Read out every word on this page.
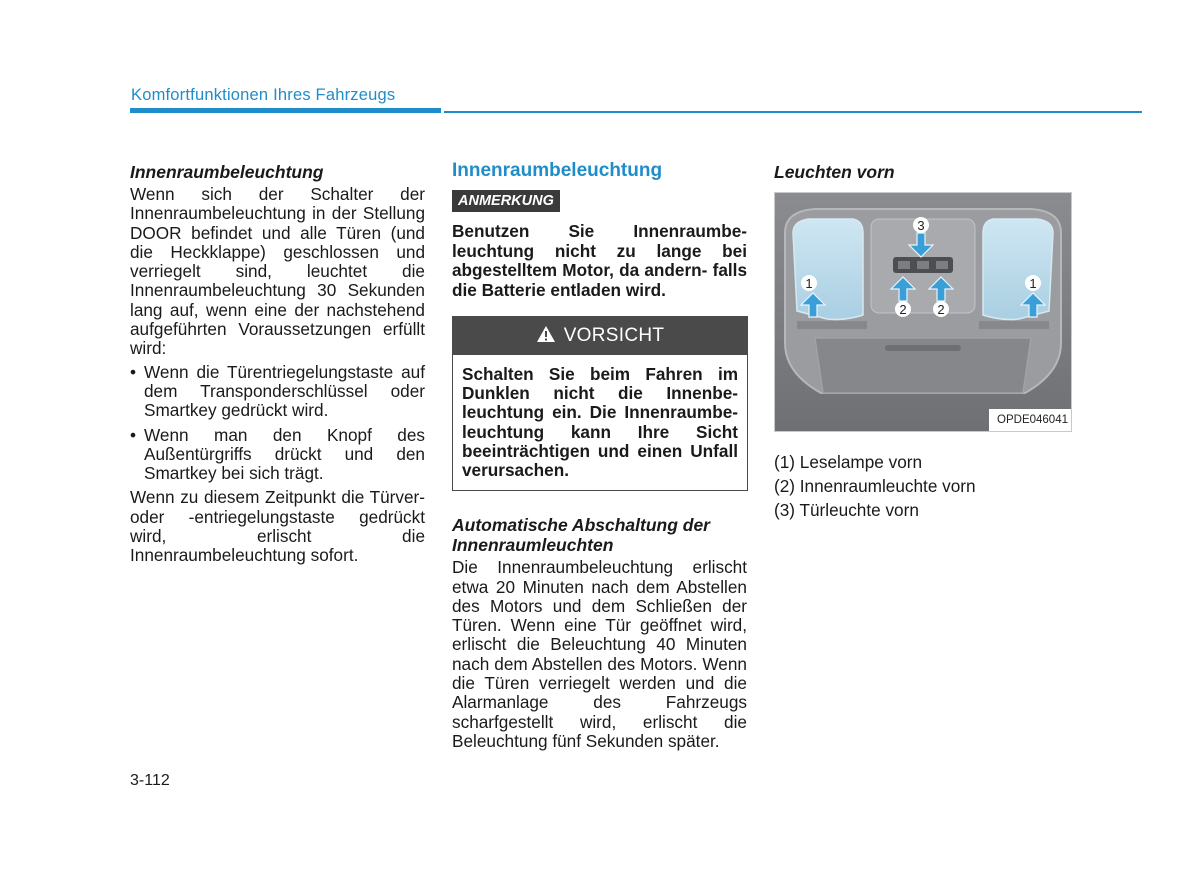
Komfortfunktionen Ihres Fahrzeugs
Innenraumbeleuchtung

Wenn sich der Schalter der Innenraumbeleuchtung in der Stellung DOOR befindet und alle Türen (und die Heckklappe) geschlossen und verriegelt sind, leuchtet die Innenraumbeleuchtung 30 Sekunden lang auf, wenn eine der nachstehend aufgeführten Voraussetzungen erfüllt wird:

• Wenn die Türentriegelungstaste auf dem Transponderschlüssel oder Smartkey gedrückt wird.
• Wenn man den Knopf des Außentürgriffs drückt und den Smartkey bei sich trägt.

Wenn zu diesem Zeitpunkt die Türver- oder -entriegelungstaste gedrückt wird, erlischt die Innenraumbeleuchtung sofort.

Innenraumbeleuchtung
ANMERKUNG

Benutzen Sie Innenraumbe- leuchtung nicht zu lange bei abgestelltem Motor, da andern- falls die Batterie entladen wird.

VORSICHT
Schalten Sie beim Fahren im Dunklen nicht die Innenbe- leuchtung ein. Die Innenraumbe- leuchtung kann Ihre Sicht beeinträchtigen und einen Unfall verursachen.
Automatische Abschaltung der Innenraumleuchten

Die Innenraumbeleuchtung erlischt etwa 20 Minuten nach dem Abstellen des Motors und dem Schließen der Türen. Wenn eine Tür geöffnet wird, erlischt die Beleuchtung 40 Minuten nach dem Abstellen des Motors. Wenn die Türen verriegelt werden und die Alarmanlage des Fahrzeugs scharfgestellt wird, erlischt die Beleuchtung fünf Sekunden später.

Leuchten vorn
1	1
2 2
3
OPDE046041
(1) Leselampe vorn
(2) Innenraumleuchte vorn
(3) Türleuchte vorn
3-112
